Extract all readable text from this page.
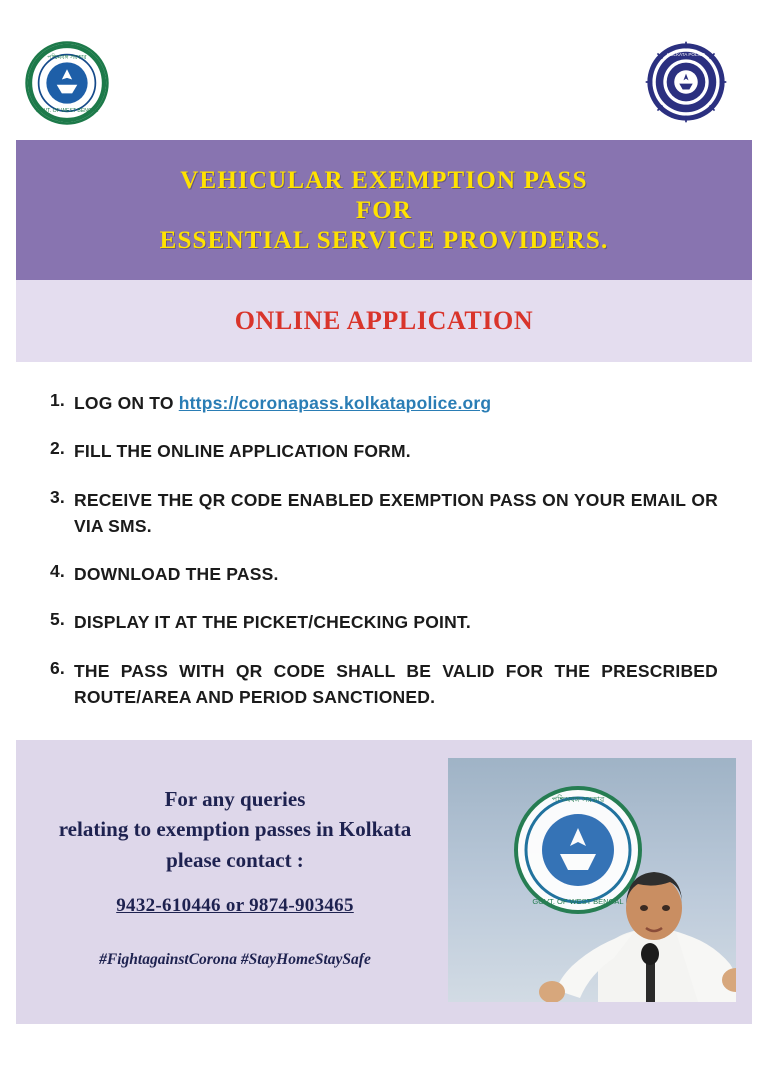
পশ্চিমবঙ্গ সরকার
GOVT. OF WEST BENGAL
KOLKATA POLICE
VEHICULAR EXEMPTION PASS
FOR
ESSENTIAL SERVICE PROVIDERS.
ONLINE APPLICATION
1. LOG ON TO https://coronapass.kolkatapolice.org
2. FILL THE ONLINE APPLICATION FORM.
3. RECEIVE THE QR CODE ENABLED EXEMPTION PASS ON YOUR EMAIL OR VIA SMS.
4. DOWNLOAD THE PASS.
5. DISPLAY IT AT THE PICKET/CHECKING POINT.
6. THE PASS WITH QR CODE SHALL BE VALID FOR THE PRESCRIBED ROUTE/AREA AND PERIOD SANCTIONED.
For any queries
relating to exemption passes in Kolkata
please contact :
9432-610446 or 9874-903465
#FightagainstCorona #StayHomeStaySafe
পশ্চিমবঙ্গ সরকার
GOVT. OF WEST BENGAL
